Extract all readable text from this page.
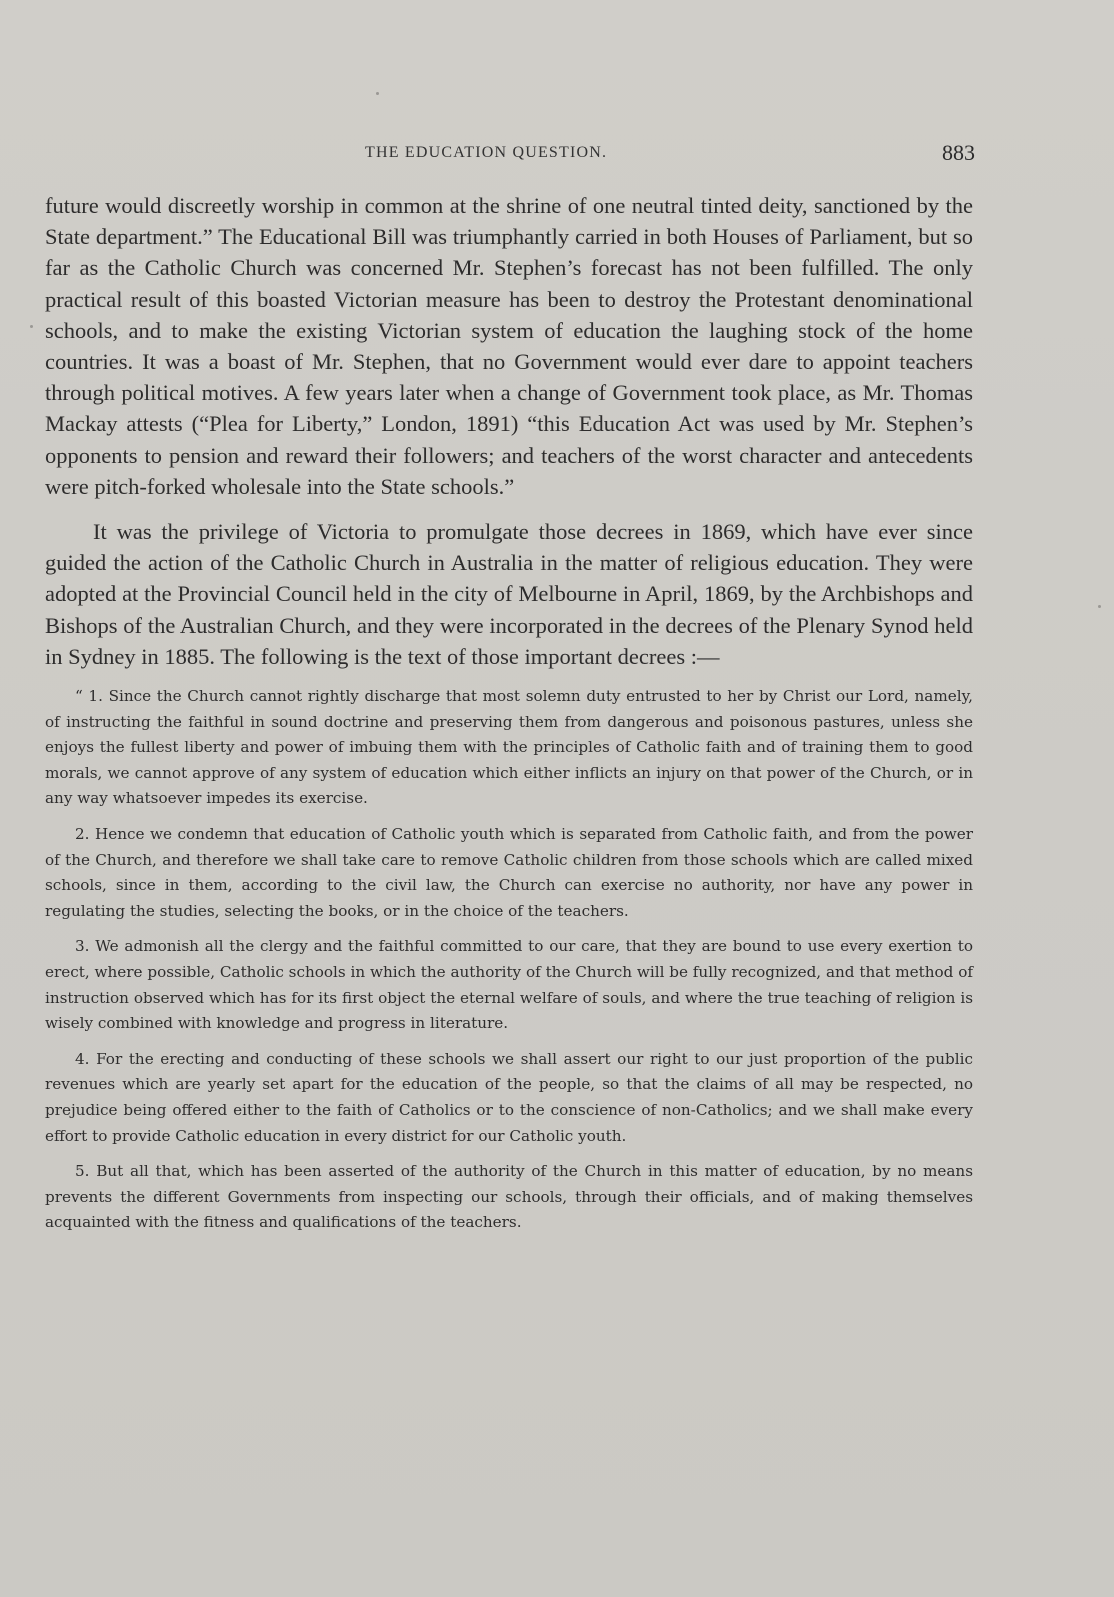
THE EDUCATION QUESTION.	883

future would discreetly worship in common at the shrine of one neutral tinted deity, sanctioned by the State department.” The Educational Bill was triumphantly carried in both Houses of Parliament, but so far as the Catholic Church was concerned Mr. Stephen’s forecast has not been fulfilled. The only practical result of this boasted Victorian measure has been to destroy the Protestant denominational schools, and to make the existing Victorian system of education the laughing stock of the home countries. It was a boast of Mr. Stephen, that no Government would ever dare to appoint teachers through political motives. A few years later when a change of Government took place, as Mr. Thomas Mackay attests (“Plea for Liberty,” London, 1891) “this Education Act was used by Mr. Stephen’s opponents to pension and reward their followers; and teachers of the worst character and antecedents were pitch-forked wholesale into the State schools.”

It was the privilege of Victoria to promulgate those decrees in 1869, which have ever since guided the action of the Catholic Church in Australia in the matter of religious education. They were adopted at the Provincial Council held in the city of Melbourne in April, 1869, by the Archbishops and Bishops of the Australian Church, and they were incorporated in the decrees of the Plenary Synod held in Sydney in 1885. The following is the text of those important decrees :—

“ 1. Since the Church cannot rightly discharge that most solemn duty entrusted to her by Christ our Lord, namely, of instructing the faithful in sound doctrine and preserving them from dangerous and poisonous pastures, unless she enjoys the fullest liberty and power of imbuing them with the principles of Catholic faith and of training them to good morals, we cannot approve of any system of education which either inflicts an injury on that power of the Church, or in any way whatsoever impedes its exercise.

2. Hence we condemn that education of Catholic youth which is separated from Catholic faith, and from the power of the Church, and therefore we shall take care to remove Catholic children from those schools which are called mixed schools, since in them, according to the civil law, the Church can exercise no authority, nor have any power in regulating the studies, selecting the books, or in the choice of the teachers.

3. We admonish all the clergy and the faithful committed to our care, that they are bound to use every exertion to erect, where possible, Catholic schools in which the authority of the Church will be fully recognized, and that method of instruction observed which has for its first object the eternal welfare of souls, and where the true teaching of religion is wisely combined with knowledge and progress in literature.

4. For the erecting and conducting of these schools we shall assert our right to our just proportion of the public revenues which are yearly set apart for the education of the people, so that the claims of all may be respected, no prejudice being offered either to the faith of Catholics or to the conscience of non-Catholics; and we shall make every effort to provide Catholic education in every district for our Catholic youth.

5. But all that, which has been asserted of the authority of the Church in this matter of education, by no means prevents the different Governments from inspecting our schools, through their officials, and of making themselves acquainted with the fitness and qualifications of the teachers.
